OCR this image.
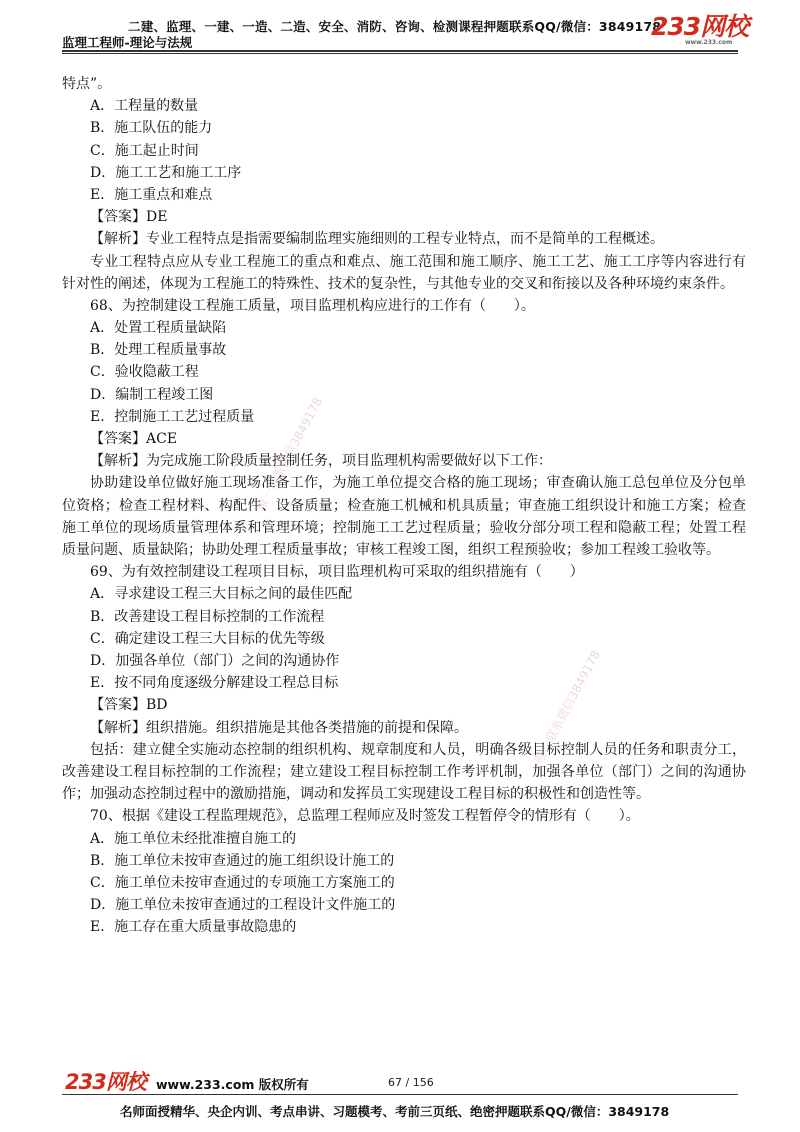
二建、监理、一建、一造、二造、安全、消防、咨询、检测课程押题联系QQ/微信：3849178
监理工程师-理论与法规
233网校
www.233.com
特点”。
A．工程量的数量
B．施工队伍的能力
C．施工起止时间
D．施工工艺和施工工序
E．施工重点和难点
【答案】DE
【解析】专业工程特点是指需要编制监理实施细则的工程专业特点，而不是简单的工程概述。
专业工程特点应从专业工程施工的重点和难点、施工范围和施工顺序、施工工艺、施工工序等内容进行有针对性的阐述，体现为工程施工的特殊性、技术的复杂性，与其他专业的交叉和衔接以及各种环境约束条件。
68、为控制建设工程施工质量，项目监理机构应进行的工作有（　　）。
A．处置工程质量缺陷
B．处理工程质量事故
C．验收隐蔽工程
D．编制工程竣工图
E．控制施工工艺过程质量
【答案】ACE
【解析】为完成施工阶段质量控制任务，项目监理机构需要做好以下工作：
协助建设单位做好施工现场准备工作，为施工单位提交合格的施工现场；审查确认施工总包单位及分包单位资格；检查工程材料、构配件、设备质量；检查施工机械和机具质量；审查施工组织设计和施工方案；检查施工单位的现场质量管理体系和管理环境；控制施工工艺过程质量；验收分部分项工程和隐蔽工程；处置工程质量问题、质量缺陷；协助处理工程质量事故；审核工程竣工图，组织工程预验收；参加工程竣工验收等。
69、为有效控制建设工程项目目标，项目监理机构可采取的组织措施有（　　）
A．寻求建设工程三大目标之间的最佳匹配
B．改善建设工程目标控制的工作流程
C．确定建设工程三大目标的优先等级
D．加强各单位（部门）之间的沟通协作
E．按不同角度逐级分解建设工程总目标
【答案】BD
【解析】组织措施。组织措施是其他各类措施的前提和保障。
包括：建立健全实施动态控制的组织机构、规章制度和人员，明确各级目标控制人员的任务和职责分工，改善建设工程目标控制的工作流程；建立建设工程目标控制工作考评机制，加强各单位（部门）之间的沟通协作；加强动态控制过程中的激励措施，调动和发挥员工实现建设工程目标的积极性和创造性等。
70、根据《建设工程监理规范》，总监理工程师应及时签发工程暂停令的情形有（　　）。
A．施工单位未经批准擅自施工的
B．施工单位未按审查通过的施工组织设计施工的
C．施工单位未按审查通过的专项施工方案施工的
D．施工单位未按审查通过的工程设计文件施工的
E．施工存在重大质量事故隐患的
唯一联系微信3849178
唯一联系微信3849178
233网校 www.233.com 版权所有	67 / 156
名师面授精华、央企内训、考点串讲、习题模考、考前三页纸、绝密押题联系QQ/微信：3849178
